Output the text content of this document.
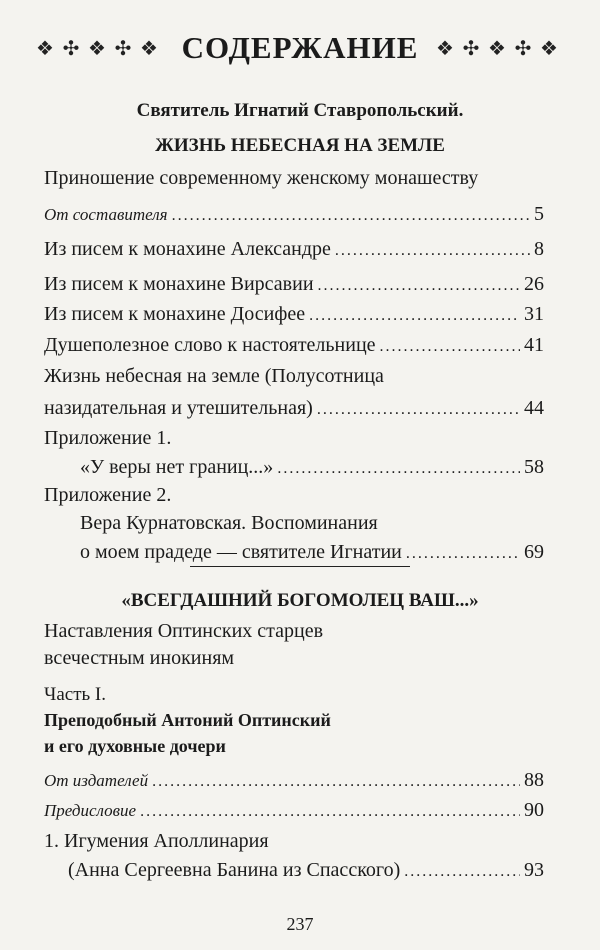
❖ ✣ ❖ ✣ ❖ СОДЕРЖАНИЕ ❖ ✣ ❖ ✣ ❖
Святитель Игнатий Ставропольский.
ЖИЗНЬ НЕБЕСНАЯ НА ЗЕМЛЕ
Приношение современному женскому монашеству
От составителя .....	5
Из писем к монахине Александре .....	8
Из писем к монахине Вирсавии .....	26
Из писем к монахине Досифее .....	31
Душеполезное слово к настоятельнице .....	41
Жизнь небесная на земле (Полусотница
назидательная и утешительная) .....	44
Приложение 1.
«У веры нет границ...» .....	58
Приложение 2.
Вера Курнатовская. Воспоминания
о моем прадеде — святителе Игнатии .....	69
«ВСЕГДАШНИЙ БОГОМОЛЕЦ ВАШ...»
Наставления Оптинских старцев
всечестным инокиням
Часть I.
Преподобный Антоний Оптинский
и его духовные дочери
От издателей .....	88
Предисловие .....	90
1. Игумения Аполлинария
(Анна Сергеевна Банина из Спасского) .....	93
237
